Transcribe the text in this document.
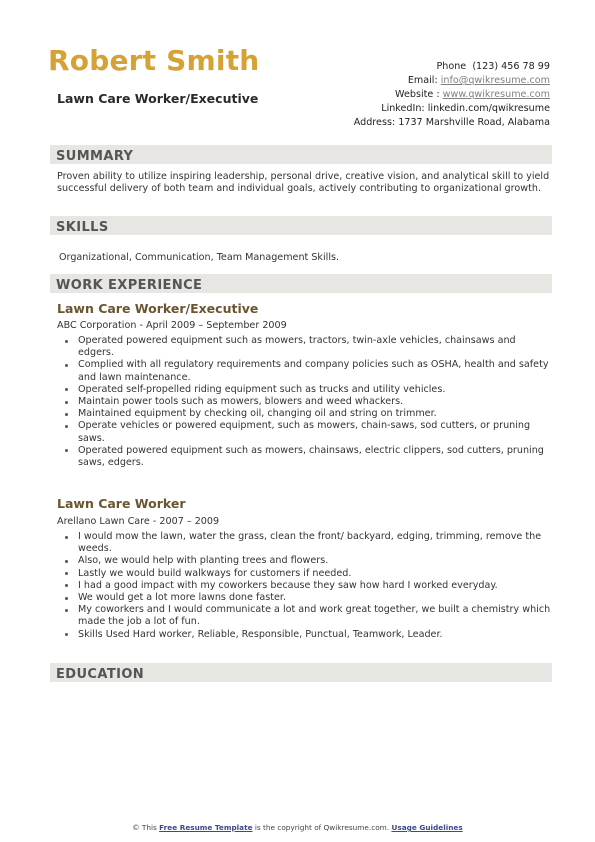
Robert Smith
Lawn Care Worker/Executive
Phone (123) 456 78 99
Email: info@qwikresume.com
Website : www.qwikresume.com
LinkedIn: linkedin.com/qwikresume
Address: 1737 Marshville Road, Alabama
SUMMARY
Proven ability to utilize inspiring leadership, personal drive, creative vision, and analytical skill to yield successful delivery of both team and individual goals, actively contributing to organizational growth.
SKILLS
Organizational, Communication, Team Management Skills.
WORK EXPERIENCE
Lawn Care Worker/Executive
ABC Corporation - April 2009 – September 2009
Operated powered equipment such as mowers, tractors, twin-axle vehicles, chainsaws and edgers.
Complied with all regulatory requirements and company policies such as OSHA, health and safety and lawn maintenance.
Operated self-propelled riding equipment such as trucks and utility vehicles.
Maintain power tools such as mowers, blowers and weed whackers.
Maintained equipment by checking oil, changing oil and string on trimmer.
Operate vehicles or powered equipment, such as mowers, chain-saws, sod cutters, or pruning saws.
Operated powered equipment such as mowers, chainsaws, electric clippers, sod cutters, pruning saws, edgers.
Lawn Care Worker
Arellano Lawn Care - 2007 – 2009
I would mow the lawn, water the grass, clean the front/ backyard, edging, trimming, remove the weeds.
Also, we would help with planting trees and flowers.
Lastly we would build walkways for customers if needed.
I had a good impact with my coworkers because they saw how hard I worked everyday.
We would get a lot more lawns done faster.
My coworkers and I would communicate a lot and work great together, we built a chemistry which made the job a lot of fun.
Skills Used Hard worker, Reliable, Responsible, Punctual, Teamwork, Leader.
EDUCATION
© This Free Resume Template is the copyright of Qwikresume.com. Usage Guidelines
